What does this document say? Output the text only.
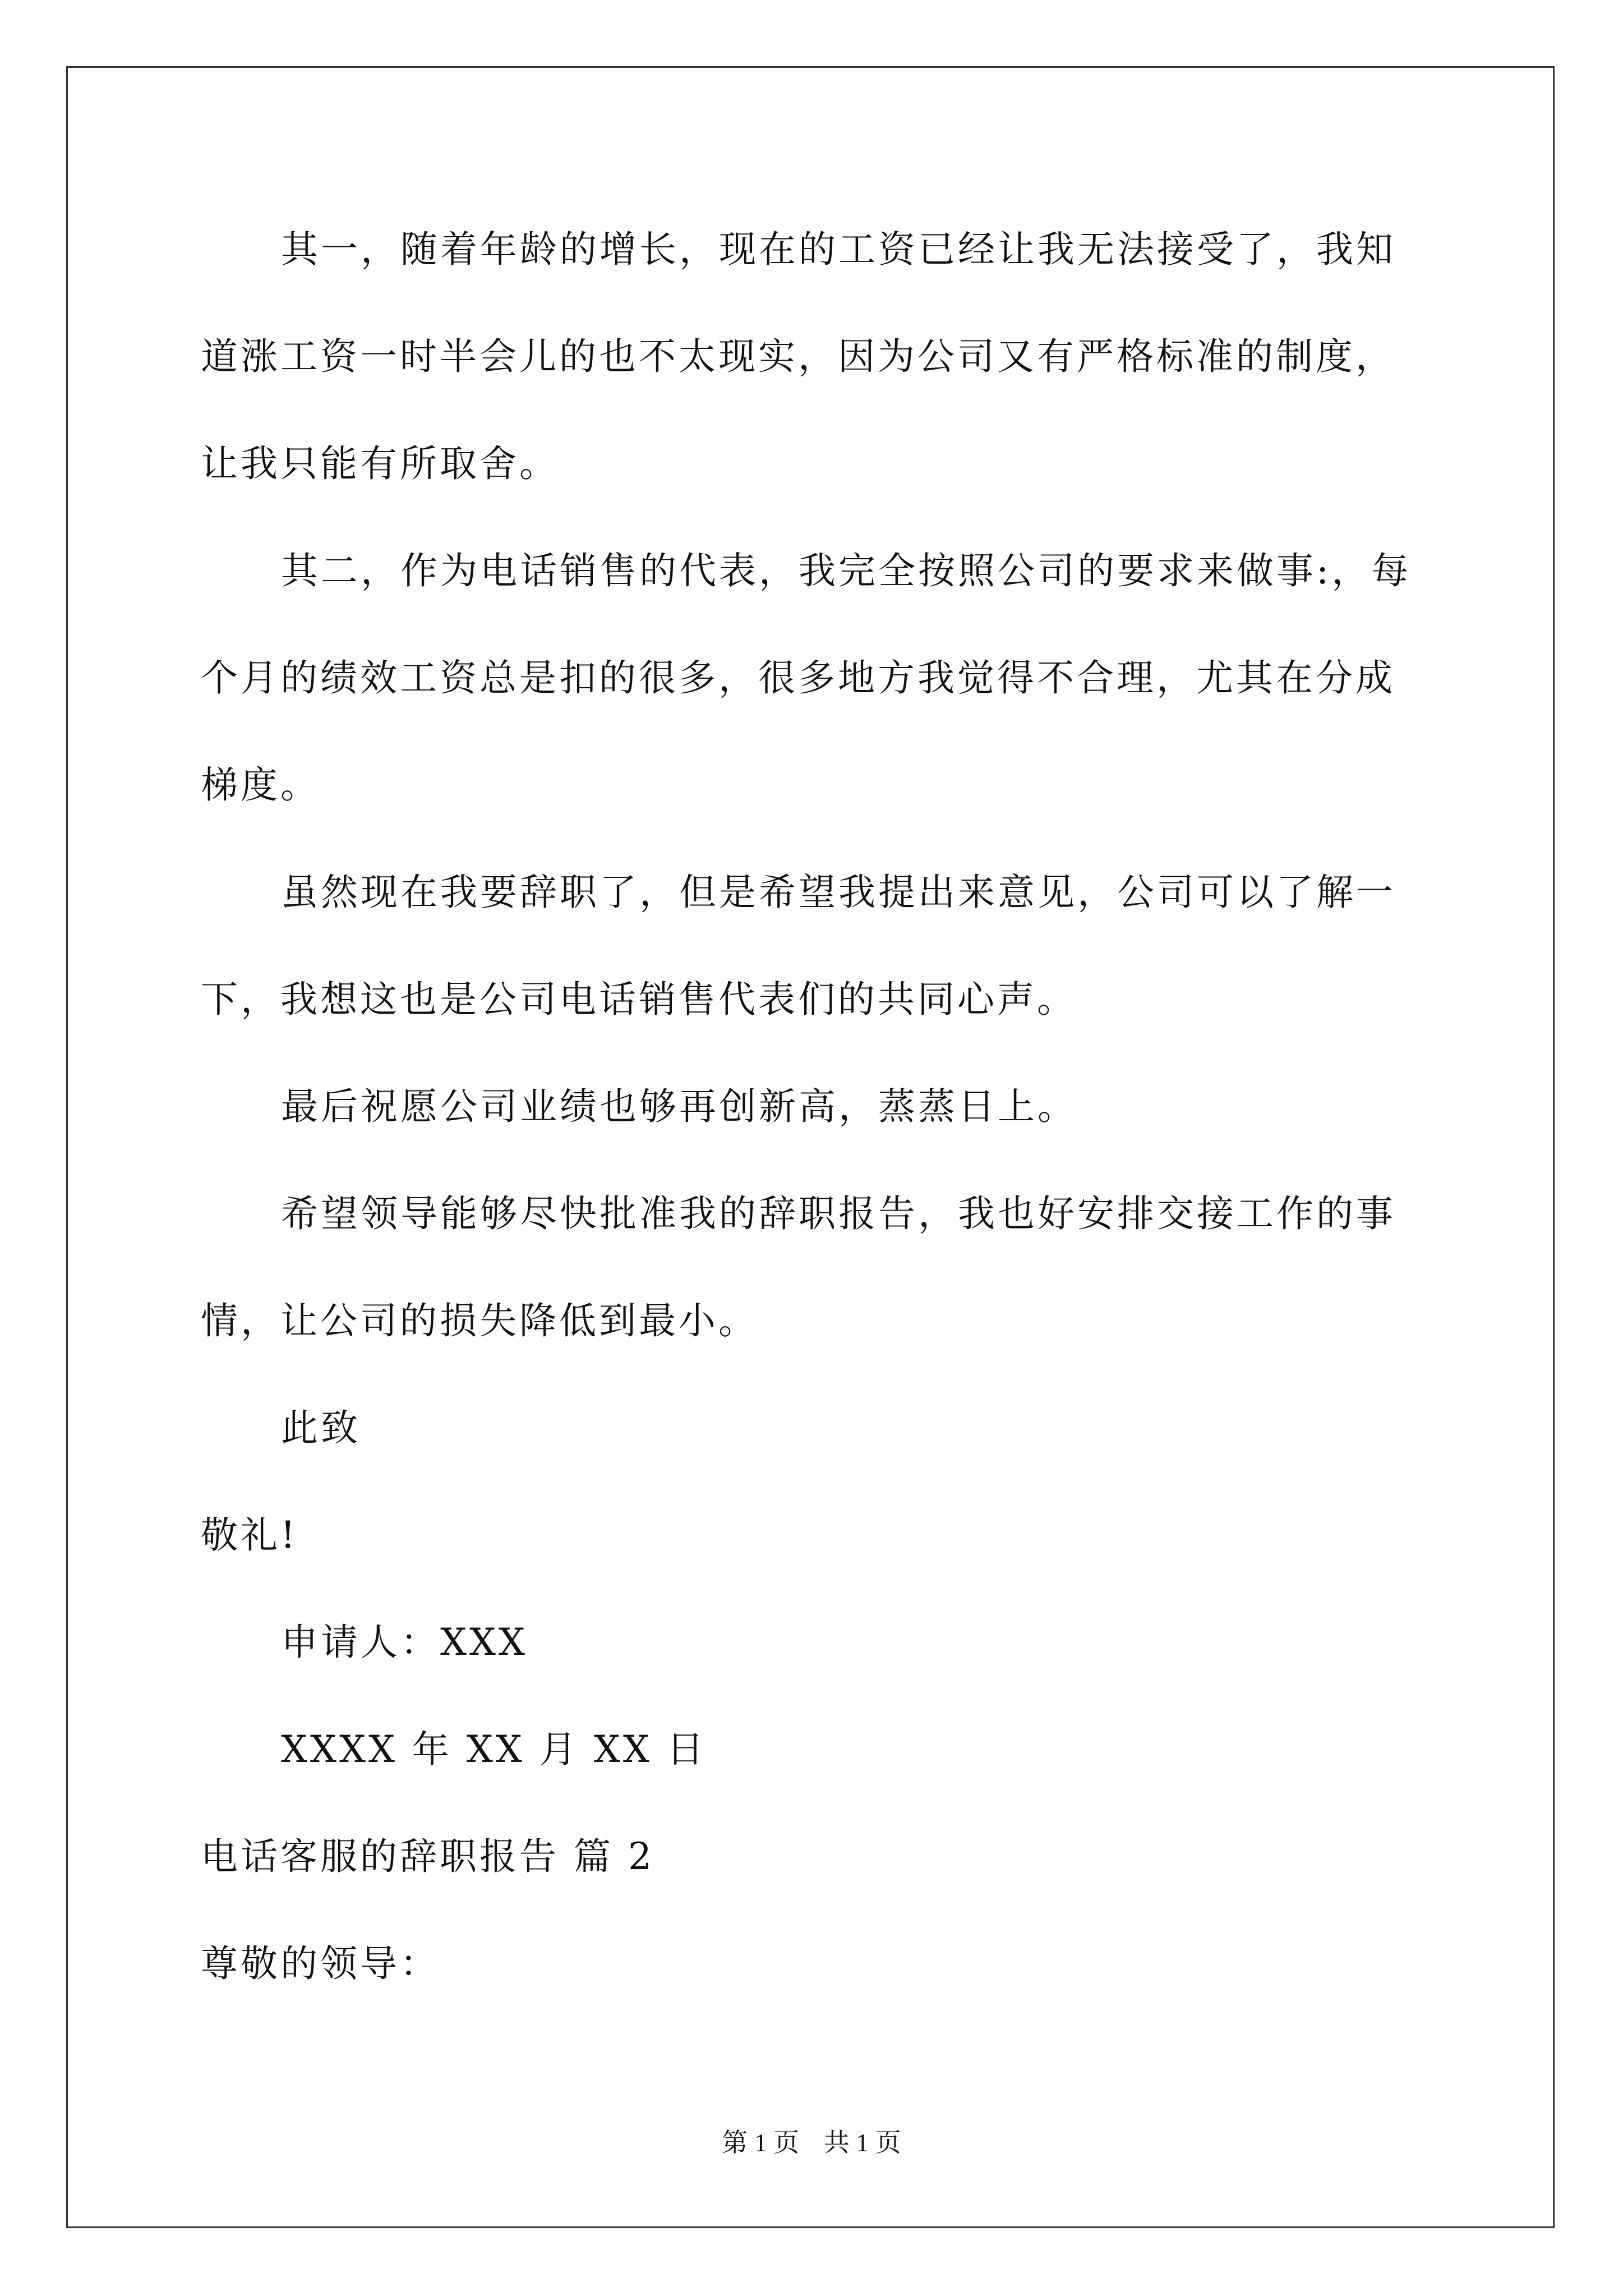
其一，随着年龄的增长，现在的工资已经让我无法接受了，我知
道涨工资一时半会儿的也不太现实，因为公司又有严格标准的制度，
让我只能有所取舍。
其二，作为电话销售的代表，我完全按照公司的要求来做事:，每
个月的绩效工资总是扣的很多，很多地方我觉得不合理，尤其在分成
梯度。
虽然现在我要辞职了，但是希望我提出来意见，公司可以了解一
下，我想这也是公司电话销售代表们的共同心声。
最后祝愿公司业绩也够再创新高，蒸蒸日上。
希望领导能够尽快批准我的辞职报告，我也好安排交接工作的事
情，让公司的损失降低到最小。
此致
敬礼!
申请人：XXX
XXXX 年 XX 月 XX 日
电话客服的辞职报告 篇 2
尊敬的领导：
第 1 页 共 1 页
